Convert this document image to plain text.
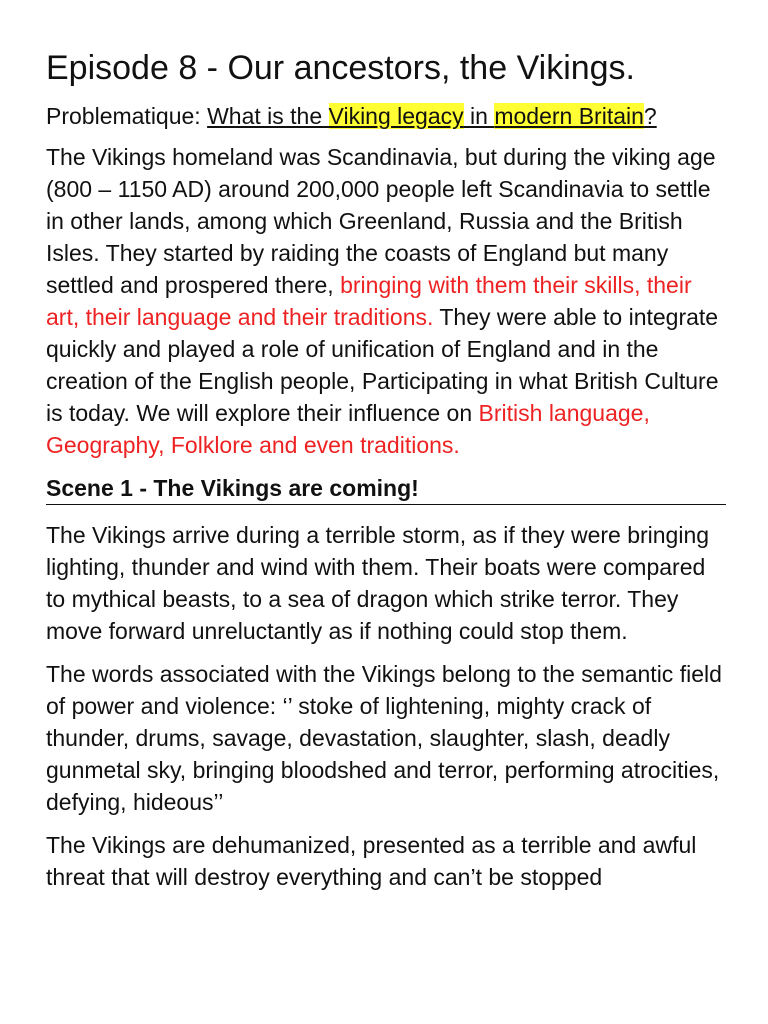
Episode 8 - Our ancestors, the Vikings.
Problematique: What is the Viking legacy in modern Britain?

The Vikings homeland was Scandinavia, but during the viking age (800 – 1150 AD) around 200,000 people left Scandinavia to settle in other lands, among which Greenland, Russia and the British Isles. They started by raiding the coasts of England but many settled and prospered there, bringing with them their skills, their art, their language and their traditions. They were able to integrate quickly and played a role of unification of England and in the creation of the English people, Participating in what British Culture is today. We will explore their influence on British language, Geography, Folklore and even traditions.

Scene 1 - The Vikings are coming!

The Vikings arrive during a terrible storm, as if they were bringing lighting, thunder and wind with them. Their boats were compared to mythical beasts, to a sea of dragon which strike terror. They move forward unreluctantly as if nothing could stop them.

The words associated with the Vikings belong to the semantic field of power and violence: ‘’ stoke of lightening, mighty crack of thunder, drums, savage, devastation, slaughter, slash, deadly gunmetal sky, bringing bloodshed and terror, performing atrocities, defying, hideous’’

The Vikings are dehumanized, presented as a terrible and awful threat that will destroy everything and can’t be stopped
